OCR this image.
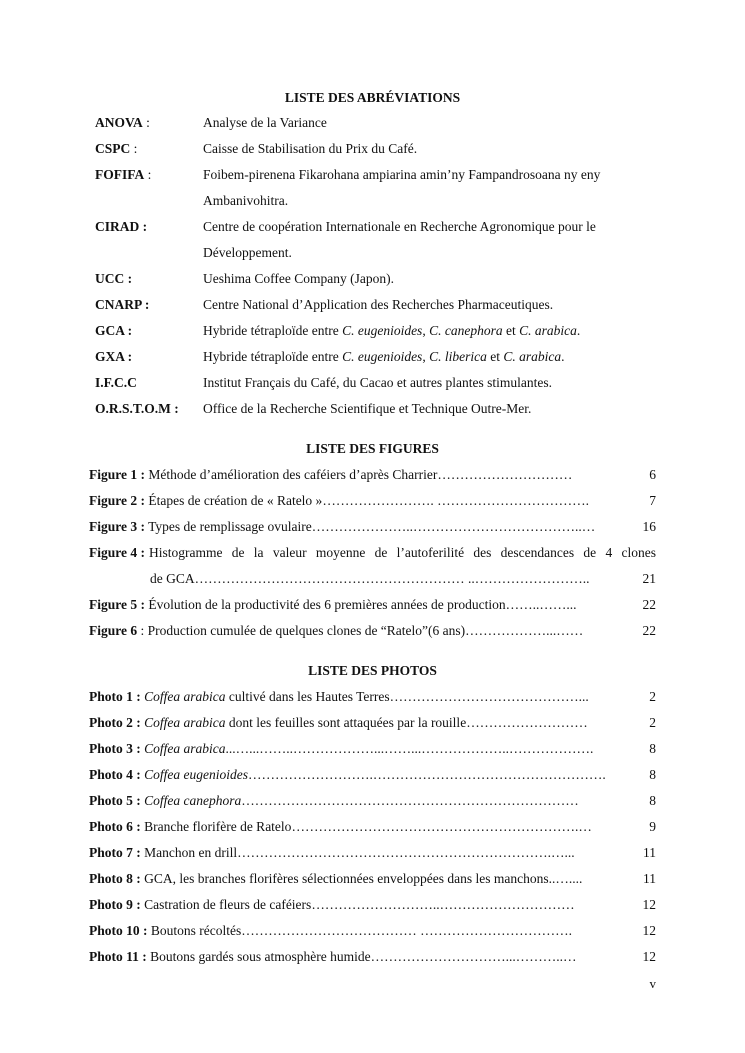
LISTE DES ABRÉVIATIONS
ANOVA :	Analyse de la Variance
CSPC :	Caisse de Stabilisation du Prix du Café.
FOFIFA :	Foibem-pirenena Fikarohana ampiarina amin’ny Fampandrosoana ny eny
Ambanivohitra.
CIRAD :	Centre de coopération Internationale en Recherche Agronomique pour le
Développement.
UCC :	Ueshima Coffee Company (Japon).
CNARP :	Centre National d’Application des Recherches Pharmaceutiques.
GCA :	Hybride tétraploïde entre C. eugenioides, C. canephora et C. arabica.
GXA :	Hybride tétraploïde entre C. eugenioides, C. liberica et C. arabica.
I.F.C.C	Institut Français du Café, du Cacao et autres plantes stimulantes.
O.R.S.T.O.M : Office de la Recherche Scientifique et Technique Outre-Mer.
LISTE DES FIGURES
Figure 1 : Méthode d’amélioration des caféiers d’après Charrier …………………………	6
Figure 2 : Étapes de création de « Ratelo » ……………………. …………………………….	7
Figure 3 : Types de remplissage ovulaire …………………..………………………………..…	16
Figure 4 : Histogramme de la valeur moyenne de l’autoferilité des descendances de 4 clones
de GCA …………………………………………………… ..……………………..	21
Figure 5 : Évolution de la productivité des 6 premières années de production ……..……...	22
Figure 6 : Production cumulée de quelques clones de “Ratelo”(6 ans) ………………...……	22
LISTE DES PHOTOS
Photo 1 : Coffea arabica cultivé dans les Hautes Terres ……………………………………...	2
Photo 2 : Coffea arabica dont les feuilles sont attaquées par la rouille ………………………	2
Photo 3 : Coffea arabica ...…...……..………………...……...………………..……………….	8
Photo 4 : Coffea eugenioides ……………………….…………………………………………….	8
Photo 5 : Coffea canephora …………………………………………………………………	8
Photo 6 : Branche florifère de Ratelo ……………………………………………………….…	9
Photo 7 : Manchon en drill …………………………………………………………….…...	11
Photo 8 : GCA, les branches florifères sélectionnées enveloppées dans les manchons ..…....	11
Photo 9 : Castration de fleurs de caféiers ………………………..…………………………	12
Photo 10 : Boutons récoltés ………………………………… …………………………….	12
Photo 11 : Boutons gardés sous atmosphère humide …………………………...………..…	12
v
